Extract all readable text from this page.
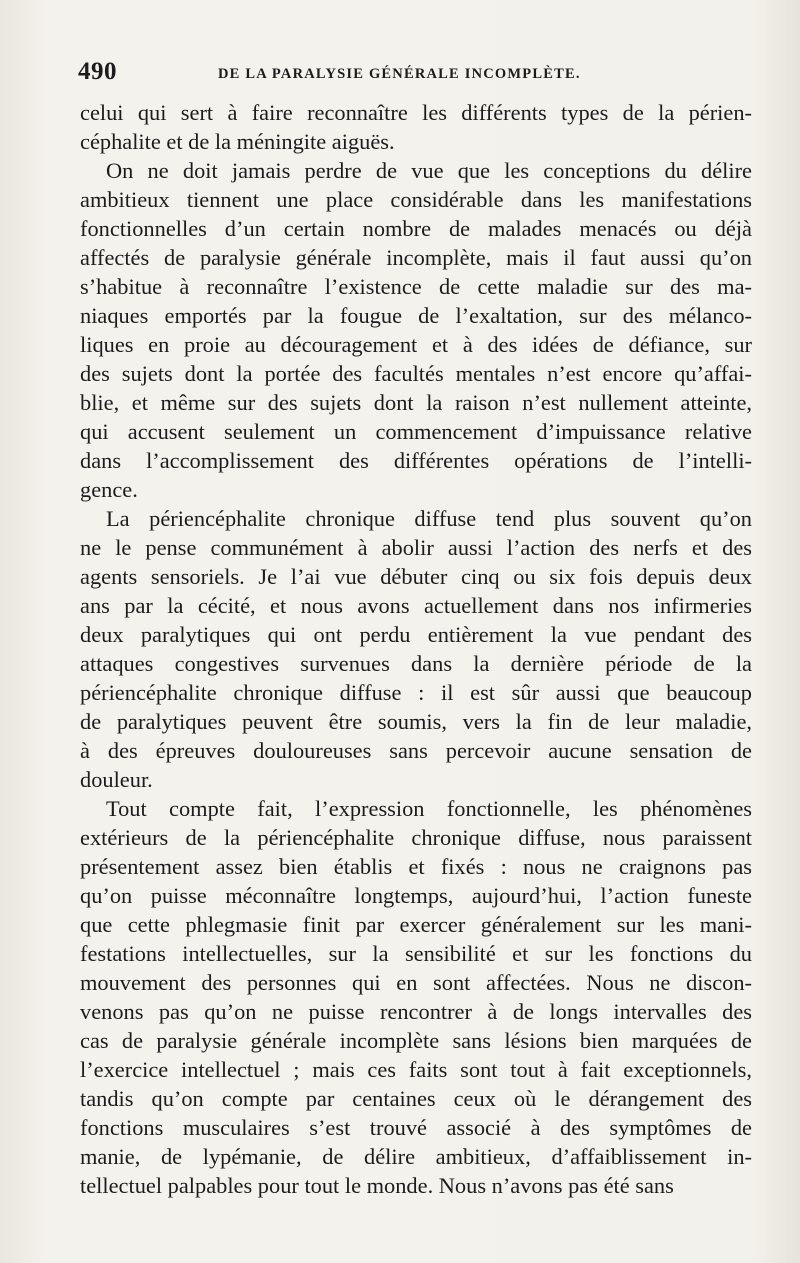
490	DE LA PARALYSIE GÉNÉRALE INCOMPLÈTE.
celui qui sert à faire reconnaître les différents types de la périen-
céphalite et de la méningite aiguës.
On ne doit jamais perdre de vue que les conceptions du délire
ambitieux tiennent une place considérable dans les manifestations
fonctionnelles d’un certain nombre de malades menacés ou déjà
affectés de paralysie générale incomplète, mais il faut aussi qu’on
s’habitue à reconnaître l’existence de cette maladie sur des ma-
niaques emportés par la fougue de l’exaltation, sur des mélanco-
liques en proie au découragement et à des idées de défiance, sur
des sujets dont la portée des facultés mentales n’est encore qu’affai-
blie, et même sur des sujets dont la raison n’est nullement atteinte,
qui accusent seulement un commencement d’impuissance relative
dans l’accomplissement des différentes opérations de l’intelli-
gence.
La périencéphalite chronique diffuse tend plus souvent qu’on
ne le pense communément à abolir aussi l’action des nerfs et des
agents sensoriels. Je l’ai vue débuter cinq ou six fois depuis deux
ans par la cécité, et nous avons actuellement dans nos infirmeries
deux paralytiques qui ont perdu entièrement la vue pendant des
attaques congestives survenues dans la dernière période de la
périencéphalite chronique diffuse : il est sûr aussi que beaucoup
de paralytiques peuvent être soumis, vers la fin de leur maladie,
à des épreuves douloureuses sans percevoir aucune sensation de
douleur.
Tout compte fait, l’expression fonctionnelle, les phénomènes
extérieurs de la périencéphalite chronique diffuse, nous paraissent
présentement assez bien établis et fixés : nous ne craignons pas
qu’on puisse méconnaître longtemps, aujourd’hui, l’action funeste
que cette phlegmasie finit par exercer généralement sur les mani-
festations intellectuelles, sur la sensibilité et sur les fonctions du
mouvement des personnes qui en sont affectées. Nous ne discon-
venons pas qu’on ne puisse rencontrer à de longs intervalles des
cas de paralysie générale incomplète sans lésions bien marquées de
l’exercice intellectuel ; mais ces faits sont tout à fait exceptionnels,
tandis qu’on compte par centaines ceux où le dérangement des
fonctions musculaires s’est trouvé associé à des symptômes de
manie, de lypémanie, de délire ambitieux, d’affaiblissement in-
tellectuel palpables pour tout le monde. Nous n’avons pas été sans
